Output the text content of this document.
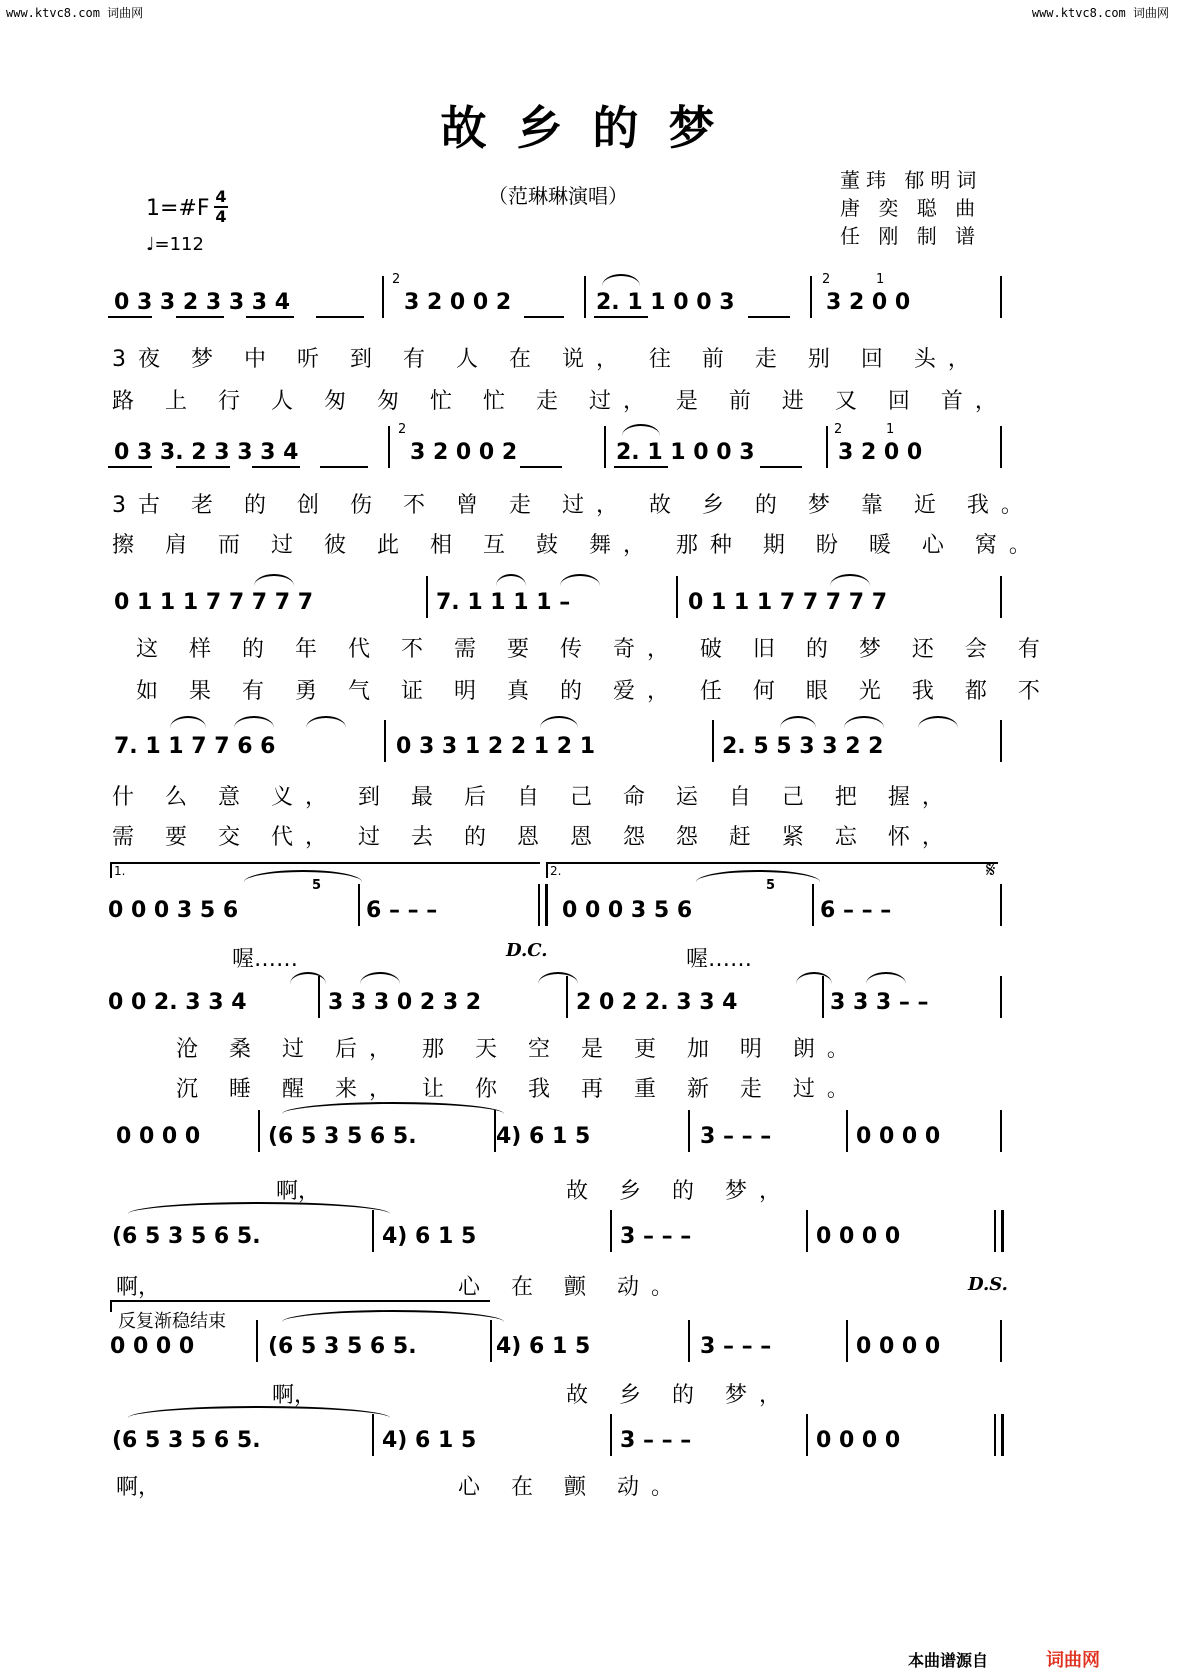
www.ktvc8.com 词曲网	www.ktvc8.com 词曲网
故乡的梦
（范琳琳演唱）
1=#F 4
4
♩=112
董玮 郁明词
唐 奕 聪 曲
任 刚 制 谱
0 3 3 2 3 3 3 4	3 2 0 0 2	2. 1 1 0 0 3	3 2 0 0
2	2	1
3夜 梦 中 听 到 有 人 在 说， 往 前 走 别 回 头，
路 上 行 人 匆 匆 忙 忙 走 过， 是 前 进 又 回 首，
0 3 3. 2 3 3 3 4	3 2 0 0 2	2. 1 1 0 0 3	3 2 0 0
2	2	1
3古 老 的 创 伤 不 曾 走 过， 故 乡 的 梦 靠 近 我。
擦 肩 而 过 彼 此 相 互 鼓 舞， 那种 期 盼 暖 心 窝。
0 1 1 1 7 7 7 7 7	7. 1 1 1 1 –	0 1 1 1 7 7 7 7 7
这 样 的 年 代 不 需 要 传 奇， 破 旧 的 梦 还 会 有
如 果 有 勇 气 证 明 真 的 爱， 任 何 眼 光 我 都 不
7. 1 1 7 7 6 6	0 3 3 1 2 2 1 2 1	2. 5 5 3 3 2 2
什 么 意 义， 到 最 后 自 己 命 运 自 己 把 握，
需 要 交 代， 过 去 的 恩 恩 怨 怨 赶 紧 忘 怀，
1.	2.	𝄋
0 0 0 3 5 6	6 – – –	0 0 0 3 5 6	6 – – –
5	5
喔……	D.C.	喔……
0 0 2. 3 3 4	3 3 3 0 2 3 2	2 0 2 2. 3 3 4	3 3 3 – –
沧 桑 过 后， 那 天 空 是 更 加 明 朗。
沉 睡 醒 来， 让 你 我 再 重 新 走 过。
0 0 0 0	(6 5 3 5 6 5.	4) 6 1 5	3 – – –	0 0 0 0
啊，	故 乡 的 梦，
(6 5 3 5 6 5.	4) 6 1 5	3 – – –	0 0 0 0
啊，	心 在 颤 动。	D.S.
反复渐稳结束
0 0 0 0	(6 5 3 5 6 5.	4) 6 1 5	3 – – –	0 0 0 0
啊，	故 乡 的 梦，
(6 5 3 5 6 5.	4) 6 1 5	3 – – –	0 0 0 0
啊，	心 在 颤 动。
本曲谱源自	词曲网
